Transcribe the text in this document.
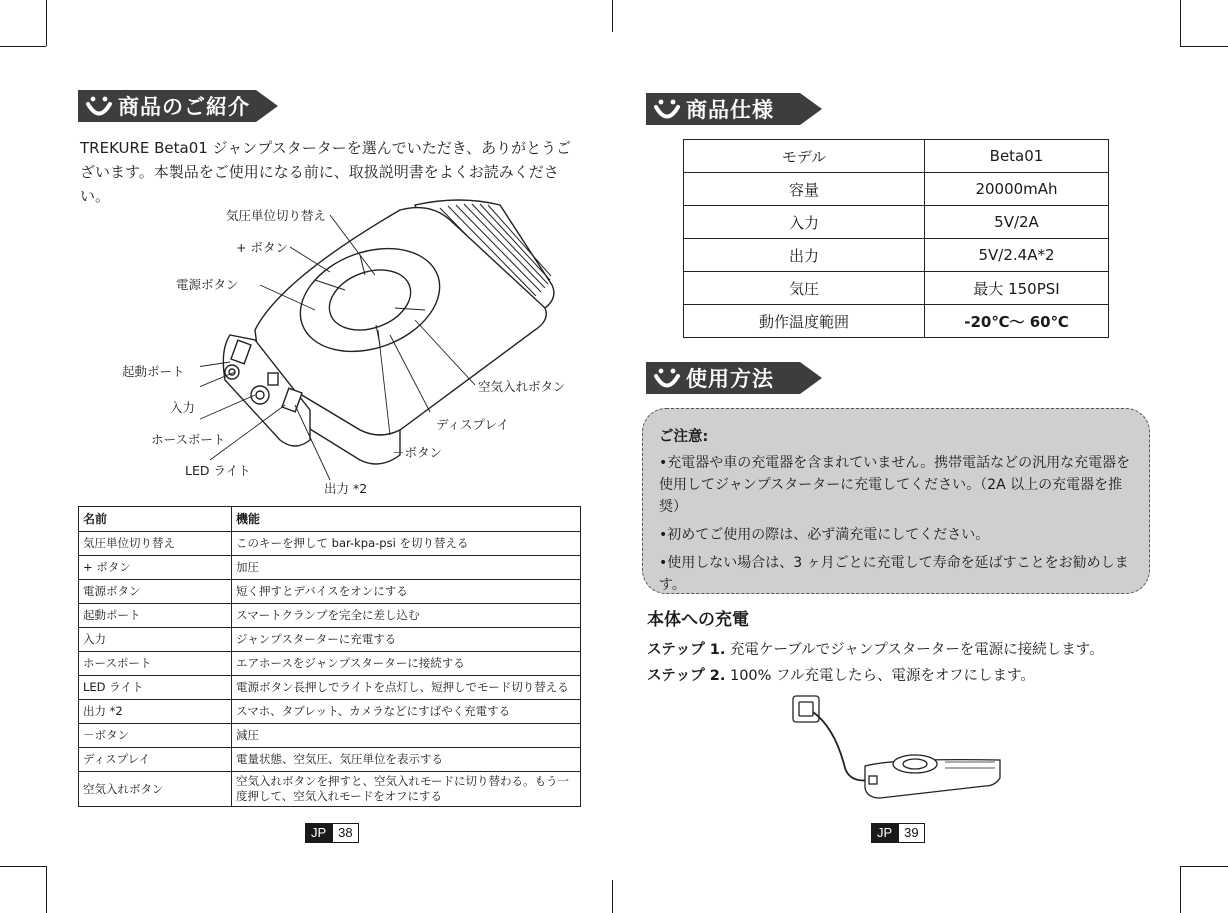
商品のご紹介
TREKURE Beta01 ジャンプスターターを選んでいただき、ありがとうございます。本製品をご使用になる前に、取扱説明書をよくお読みください。
気圧単位切り替え
+ ボタン
電源ボタン
起動ポート
入力
ホースポート
LED ライト
出力 *2
－ボタン
ディスプレイ
空気入れボタン
名前	機能
気圧単位切り替え	このキーを押して bar-kpa-psi を切り替える
+ ボタン	加圧
電源ボタン	短く押すとデバイスをオンにする
起動ポート	スマートクランプを完全に差し込む
入力	ジャンプスターターに充電する
ホースポート	エアホースをジャンプスターターに接続する
LED ライト	電源ボタン長押しでライトを点灯し、短押しでモード切り替える
出力 *2	スマホ、タブレット、カメラなどにすばやく充電する
－ボタン	減圧
ディスプレイ	電量状態、空気圧、気圧単位を表示する
空気入れボタン	空気入れボタンを押すと、空気入れモードに切り替わる。もう一度押して、空気入れモードをオフにする
JP 38
商品仕様
モデル	Beta01
容量	20000mAh
入力	5V/2A
出力	5V/2.4A*2
気圧	最大 150PSI
動作温度範囲	-20℃～ 60℃
使用方法
ご注意:

•充電器や車の充電器を含まれていません。携帯電話などの汎用な充電器を使用してジャンプスターターに充電してください。（2A 以上の充電器を推奨）

•初めてご使用の際は、必ず満充電にしてください。

•使用しない場合は、3 ヶ月ごとに充電して寿命を延ばすことをお勧めします。

本体への充電
ステップ 1. 充電ケーブルでジャンプスターターを電源に接続します。
ステップ 2. 100% フル充電したら、電源をオフにします。
JP 39
